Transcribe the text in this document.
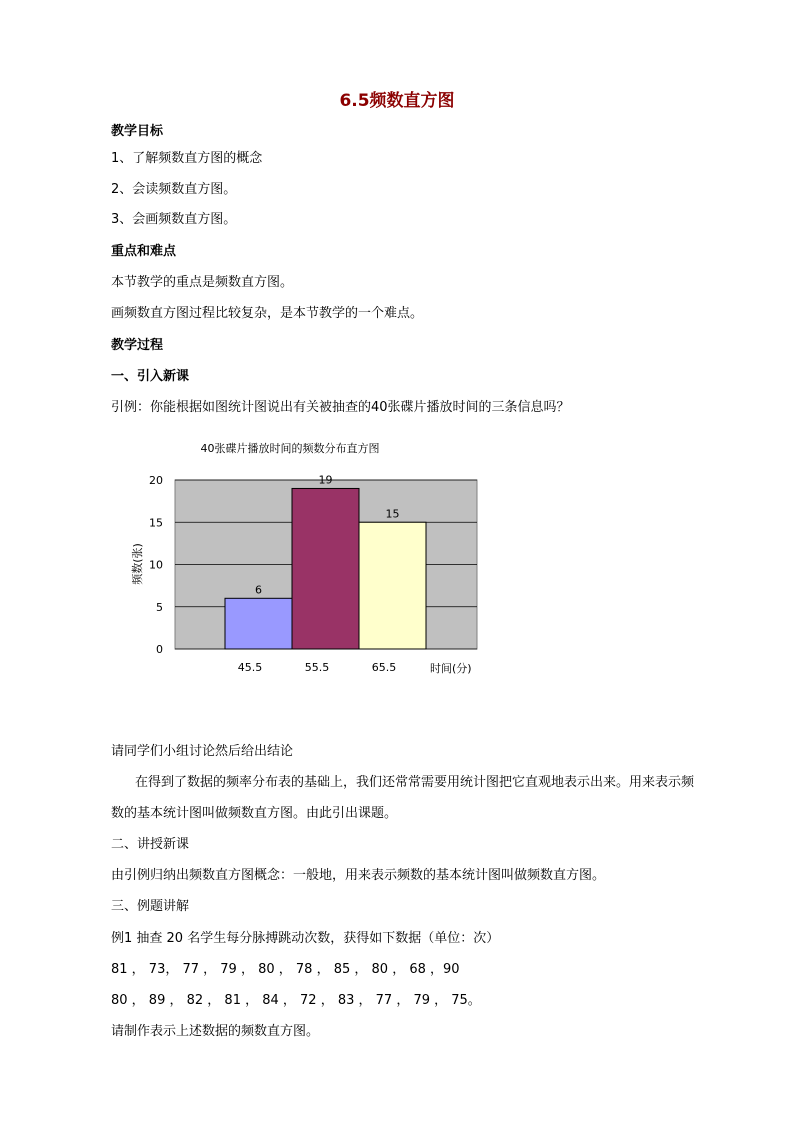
6.5频数直方图
教学目标
1、了解频数直方图的概念
2、会读频数直方图。
3、会画频数直方图。
重点和难点
本节教学的重点是频数直方图。
画频数直方图过程比较复杂，是本节教学的一个难点。
教学过程
一、引入新课
引例：你能根据如图统计图说出有关被抽查的40张碟片播放时间的三条信息吗？
40张碟片播放时间的频数分布直方图
0
5
10
15
20
6
19
15
45.5	55.5	65.5
频数(张)
时间(分)
请同学们小组讨论然后给出结论
在得到了数据的频率分布表的基础上，我们还常常需要用统计图把它直观地表示出来。用来表示频
数的基本统计图叫做频数直方图。由此引出课题。
二、讲授新课
由引例归纳出频数直方图概念：一般地，用来表示频数的基本统计图叫做频数直方图。
三、例题讲解
例1 抽查 20 名学生每分脉搏跳动次数，获得如下数据（单位：次）
81 ， 73， 77 ， 79 ， 80 ， 78 ， 85 ， 80 ， 68 ，90
80 ， 89 ， 82 ， 81 ， 84 ， 72 ， 83 ， 77 ， 79 ， 75。
请制作表示上述数据的频数直方图。
